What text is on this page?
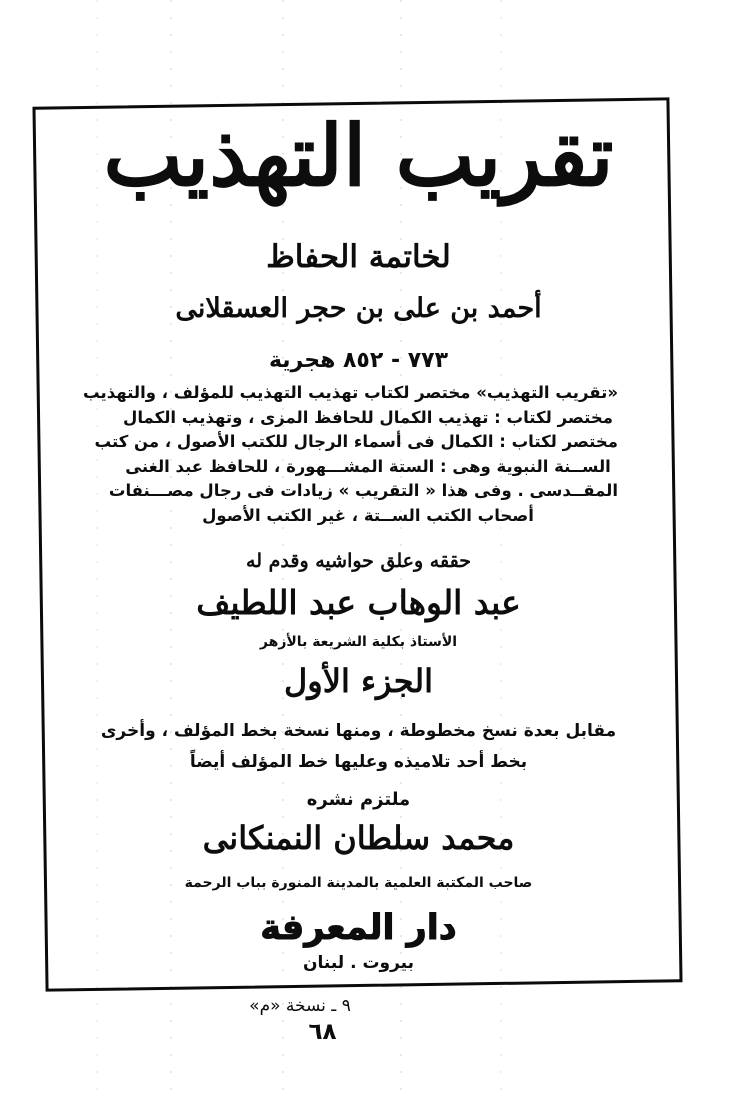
تقريب التهذيب
لخاتمة الحفاظ
أحمد بن على بن حجر العسقلانى
٧٧٣ - ٨٥٢ هجرية
«تقريب التهذيب» مختصر لكتاب تهذيب التهذيب للمؤلف ، والتهذيب
مختصر لكتاب : تهذيب الكمال للحافظ المزى ، وتهذيب الكمال
مختصر لكتاب : الكمال فى أسماء الرجال للكتب الأصول ، من كتب
الســنة النبوية وهى : الستة المشـــهورة ، للحافظ عبد الغنى
المقــدسى . وفى هذا « التقريب » زيادات فى رجال مصـــنفات
أصحاب الكتب الســتة ، غير الكتب الأصول
حققه وعلق حواشيه وقدم له
عبد الوهاب عبد اللطيف
الأستاذ بكلية الشريعة بالأزهر
الجزء الأول
مقابل بعدة نسخ مخطوطة ، ومنها نسخة بخط المؤلف ، وأخرى
بخط أحد تلاميذه وعليها خط المؤلف أيضاً
ملتزم نشره
محمد سلطان النمنكانى
صاحب المكتبة العلمية بالمدينة المنورة بباب الرحمة
دار المعرفة
بيروت . لبنان
٩ ـ نسخة «م»
٦٨
